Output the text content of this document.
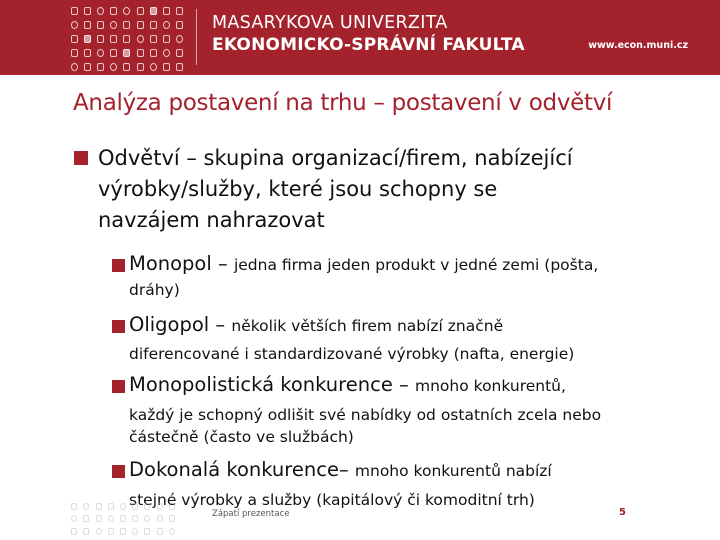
MASARYKOVA UNIVERZITA
EKONOMICKO-SPRÁVNÍ FAKULTA	www.econ.muni.cz
Analýza postavení na trhu – postavení v odvětví
Odvětví – skupina organizací/firem, nabízející
výrobky/služby, které jsou schopny se
navzájem nahrazovat
Monopol – jedna firma jeden produkt v jedné zemi (pošta,
dráhy)
Oligopol – několik větších firem nabízí značně
diferencované i standardizované výrobky (nafta, energie)
Monopolistická konkurence – mnoho konkurentů,
každý je schopný odlišit své nabídky od ostatních zcela nebo
částečně (často ve službách)
Dokonalá konkurence– mnoho konkurentů nabízí
stejné výrobky a služby (kapitálový či komoditní trh)
Zápatí prezentace	5
